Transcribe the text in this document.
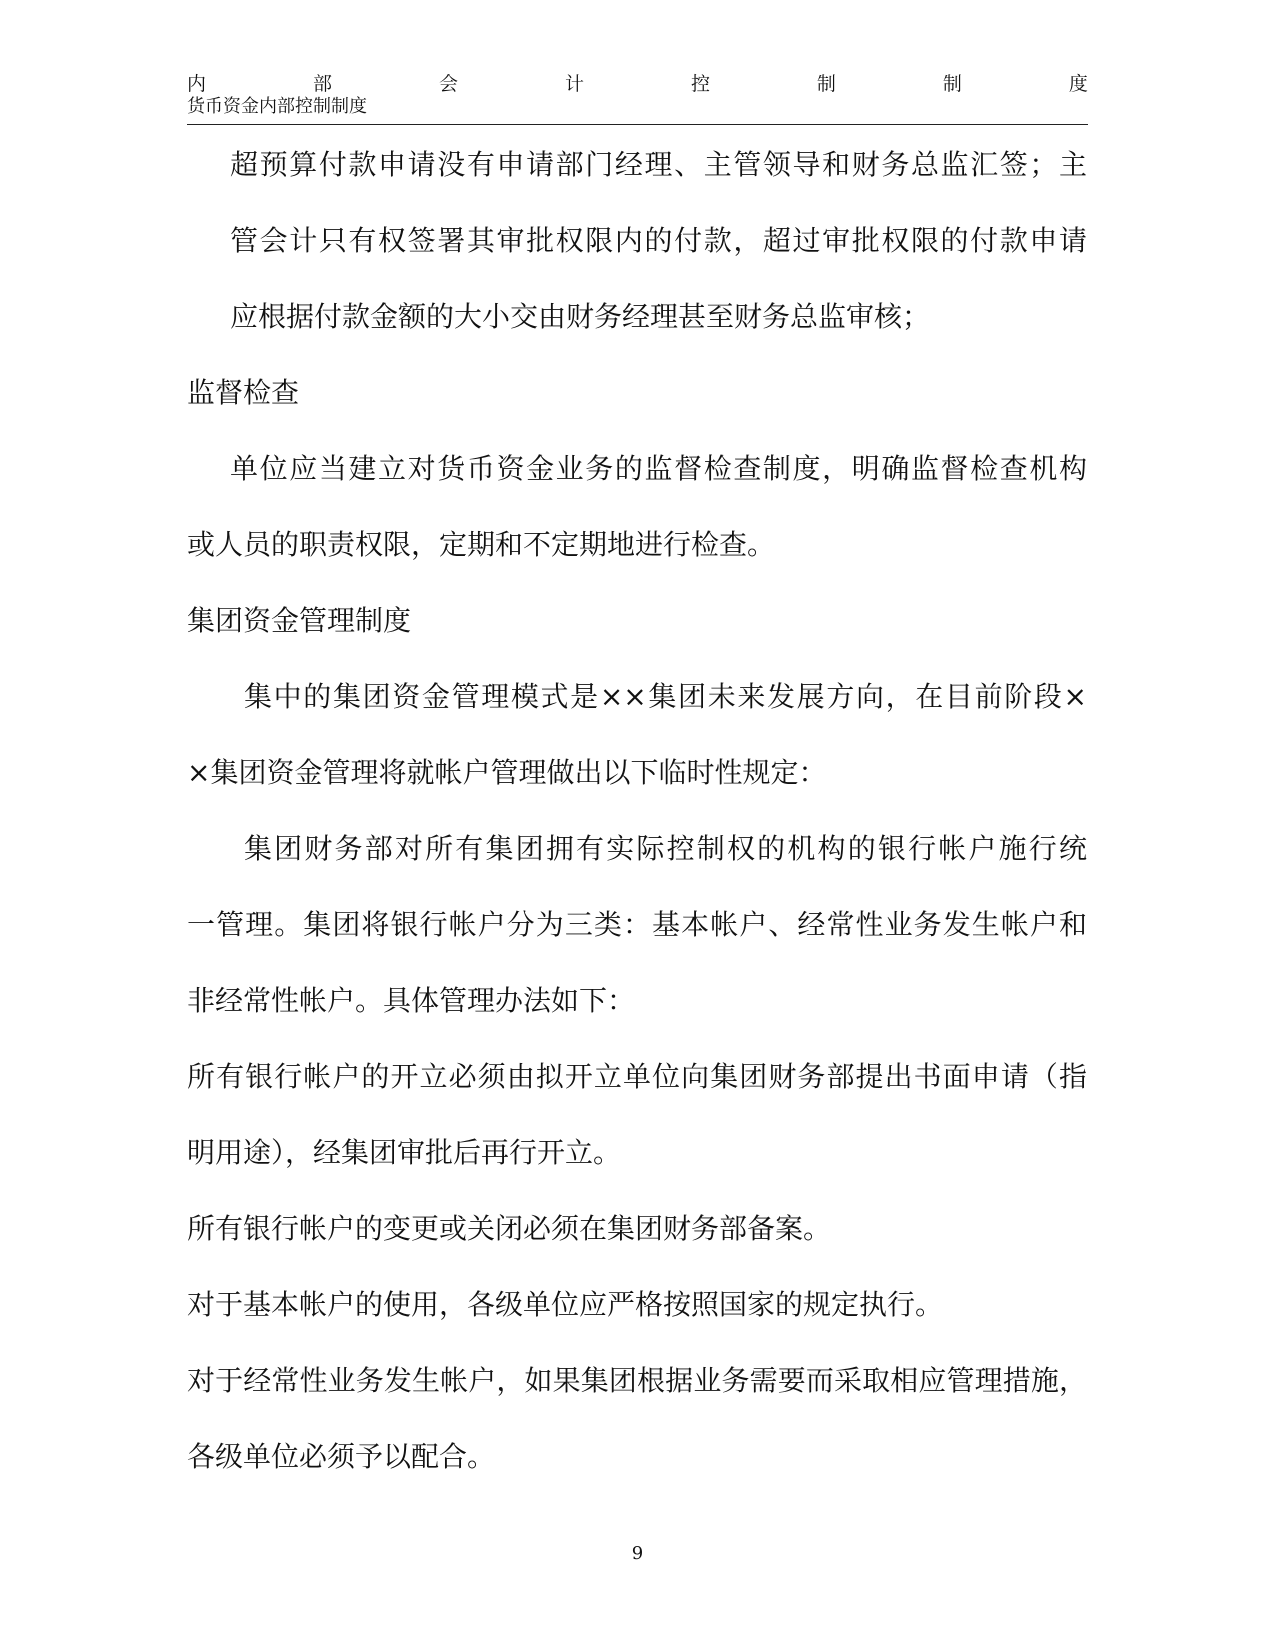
内	部	会	计	控	制	制	度
货币资金内部控制制度
超预算付款申请没有申请部门经理、主管领导和财务总监汇签；主
管会计只有权签署其审批权限内的付款，超过审批权限的付款申请
应根据付款金额的大小交由财务经理甚至财务总监审核；
监督检查
单位应当建立对货币资金业务的监督检查制度，明确监督检查机构
或人员的职责权限，定期和不定期地进行检查。
集团资金管理制度
集中的集团资金管理模式是××集团未来发展方向，在目前阶段×
×集团资金管理将就帐户管理做出以下临时性规定：
集团财务部对所有集团拥有实际控制权的机构的银行帐户施行统
一管理。集团将银行帐户分为三类：基本帐户、经常性业务发生帐户和
非经常性帐户。具体管理办法如下：
所有银行帐户的开立必须由拟开立单位向集团财务部提出书面申请（指
明用途），经集团审批后再行开立。
所有银行帐户的变更或关闭必须在集团财务部备案。
对于基本帐户的使用，各级单位应严格按照国家的规定执行。
对于经常性业务发生帐户，如果集团根据业务需要而采取相应管理措施，
各级单位必须予以配合。
9
